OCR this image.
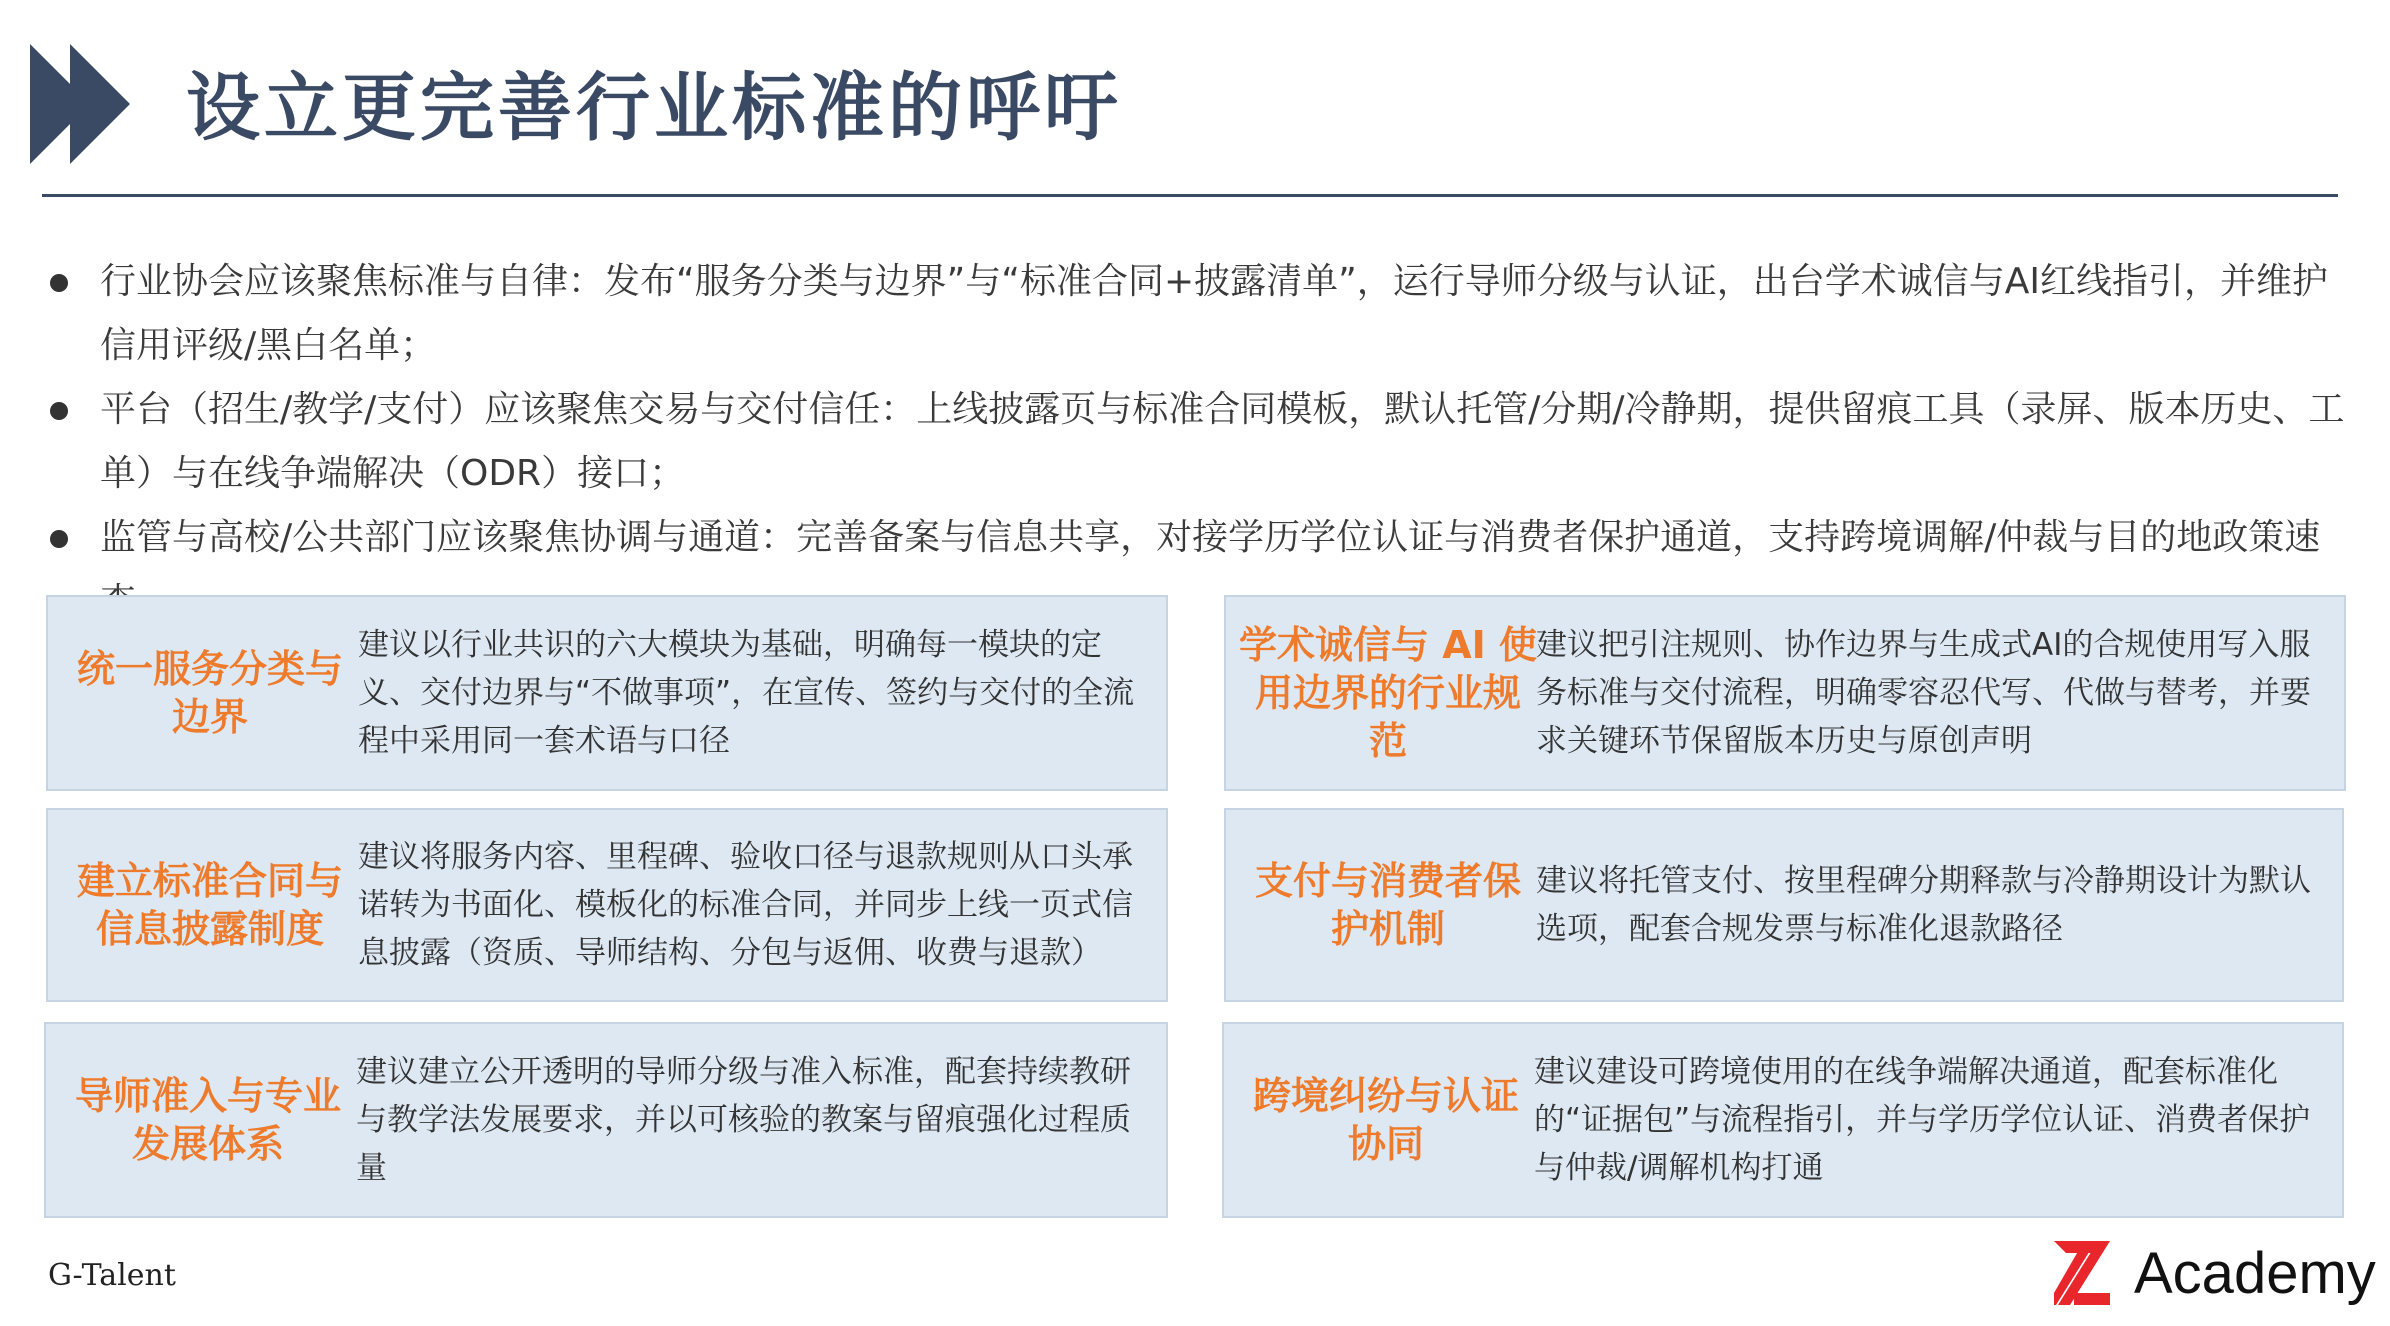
设立更完善行业标准的呼吁
行业协会应该聚焦标准与自律：发布“服务分类与边界”与“标准合同+披露清单”，运行导师分级与认证，出台学术诚信与AI红线指引，并维护信用评级/黑白名单；
平台（招生/教学/支付）应该聚焦交易与交付信任：上线披露页与标准合同模板，默认托管/分期/冷静期，提供留痕工具（录屏、版本历史、工单）与在线争端解决（ODR）接口；
监管与高校/公共部门应该聚焦协调与通道：完善备案与信息共享，对接学历学位认证与消费者保护通道，支持跨境调解/仲裁与目的地政策速
统一服务分类与边界
建议以行业共识的六大模块为基础，明确每一模块的定义、交付边界与“不做事项”，在宣传、签约与交付的全流程中采用同一套术语与口径
建立标准合同与信息披露制度
建议将服务内容、里程碑、验收口径与退款规则从口头承诺转为书面化、模板化的标准合同，并同步上线一页式信息披露（资质、导师结构、分包与返佣、收费与退款）
导师准入与专业发展体系
建议建立公开透明的导师分级与准入标准，配套持续教研与教学法发展要求，并以可核验的教案与留痕强化过程质量
学术诚信与 AI 使用边界的行业规范
建议把引注规则、协作边界与生成式AI的合规使用写入服务标准与交付流程，明确零容忍代写、代做与替考，并要求关键环节保留版本历史与原创声明
支付与消费者保护机制
建议将托管支付、按里程碑分期释款与冷静期设计为默认选项，配套合规发票与标准化退款路径
跨境纠纷与认证协同
建议建设可跨境使用的在线争端解决通道，配套标准化的“证据包”与流程指引，并与学历学位认证、消费者保护与仲裁/调解机构打通
G-Talent	Academy
